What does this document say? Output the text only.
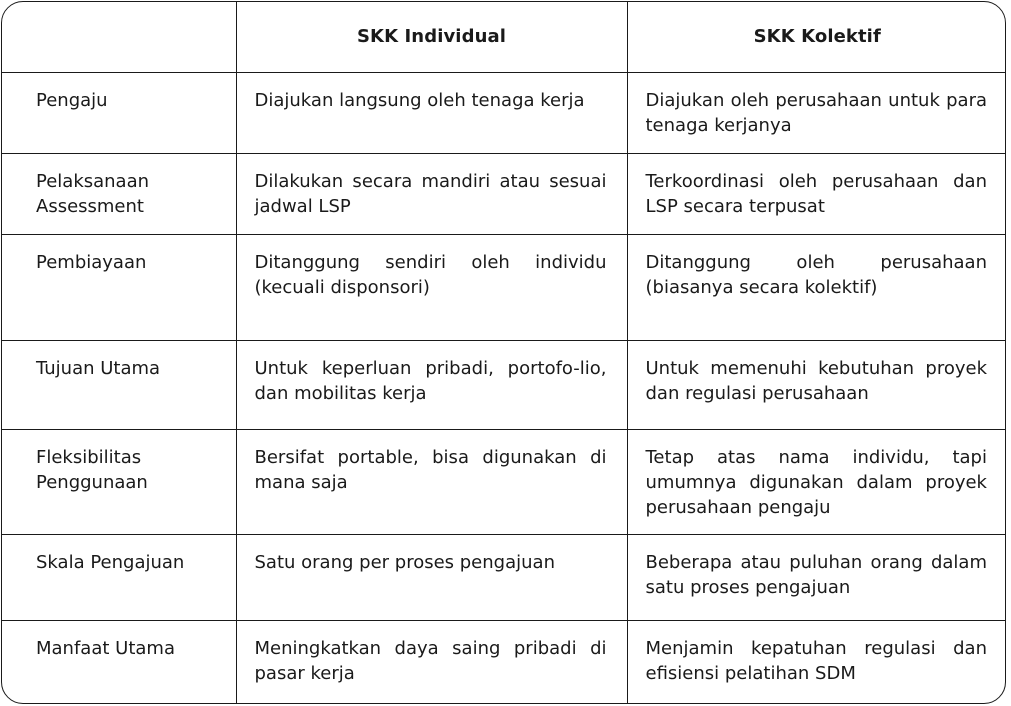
	SKK Individual	SKK Kolektif
Pengaju	Diajukan langsung oleh tenaga kerja	Diajukan oleh perusahaan untuk para tenaga kerjanya
Pelaksanaan Assessment	Dilakukan secara mandiri atau sesuai jadwal LSP	Terkoordinasi oleh perusahaan dan LSP secara terpusat
Pembiayaan	Ditanggung sendiri oleh individu (kecuali disponsori)	Ditanggung oleh perusahaan (biasanya secara kolektif)
Tujuan Utama	Untuk keperluan pribadi, portofo-lio, dan mobilitas kerja	Untuk memenuhi kebutuhan proyek dan regulasi perusahaan
Fleksibilitas Penggunaan	Bersifat portable, bisa digunakan di mana saja	Tetap atas nama individu, tapi umumnya digunakan dalam proyek perusahaan pengaju
Skala Pengajuan	Satu orang per proses pengajuan	Beberapa atau puluhan orang dalam satu proses pengajuan
Manfaat Utama	Meningkatkan daya saing pribadi di pasar kerja	Menjamin kepatuhan regulasi dan efisiensi pelatihan SDM
